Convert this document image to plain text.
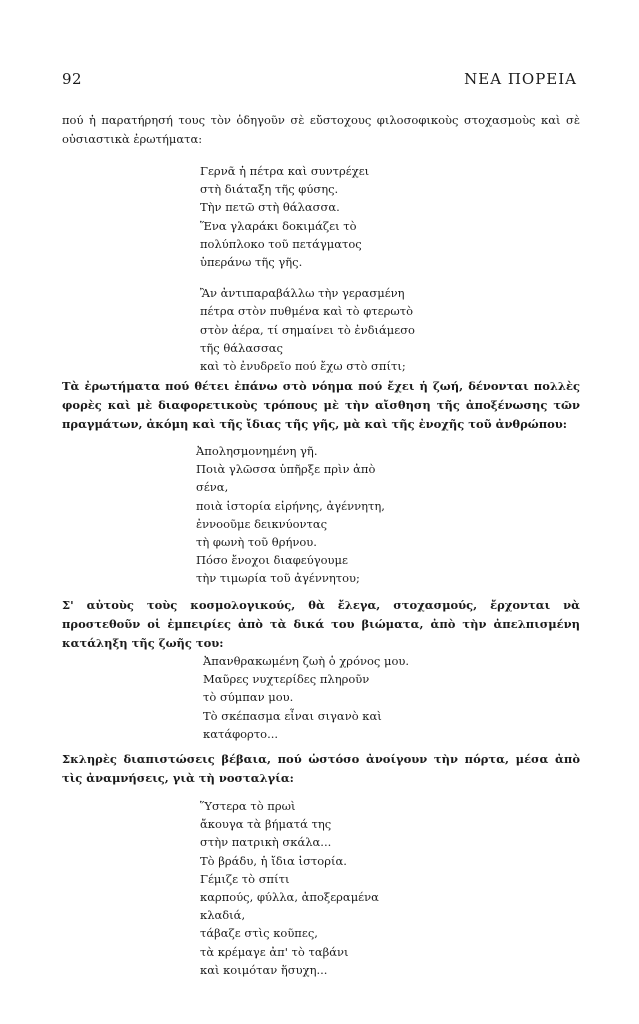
92	ΝΕΑ ΠΟΡΕΙΑ

πού ἡ παρατήρησή τους τὸν ὁδηγοῦν σὲ εὔστοχους φιλοσοφικοὺς στοχασμοὺς καὶ σὲ οὐσιαστικὰ ἐρωτήματα:

Γερνᾶ ἡ πέτρα καὶ συντρέχει
στὴ διάταξη τῆς φύσης.
Τὴν πετῶ στὴ θάλασσα.
Ἕνα γλαράκι δοκιμάζει τὸ
πολύπλοκο τοῦ πετάγματος
ὑπεράνω τῆς γῆς.
Ἂν ἀντιπαραβάλλω τὴν γερασμένη
πέτρα στὸν πυθμένα καὶ τὸ φτερωτὸ
στὸν ἀέρα, τί σημαίνει τὸ ἐνδιάμεσο
τῆς θάλασσας
καὶ τὸ ἐνυδρεῖο πού ἔχω στὸ σπίτι;

Τὰ ἐρωτήματα πού θέτει ἐπάνω στὸ νόημα πού ἔχει ἡ ζωή, δένονται πολλὲς φορὲς καὶ μὲ διαφορετικοὺς τρόπους μὲ τὴν αἴσθηση τῆς ἀποξένωσης τῶν πραγμάτων, ἀκόμη καὶ τῆς ἴδιας τῆς γῆς, μὰ καὶ τῆς ἐνοχῆς τοῦ ἀνθρώπου:

Ἀπολησμονημένη γῆ.
Ποιὰ γλῶσσα ὑπῆρξε πρὶν ἀπὸ
σένα,
ποιὰ ἱστορία εἰρήνης, ἀγέννητη,
ἐννοοῦμε δεικνύοντας
τὴ φωνὴ τοῦ θρήνου.
Πόσο ἔνοχοι διαφεύγουμε
τὴν τιμωρία τοῦ ἀγέννητου;

Σ' αὐτοὺς τοὺς κοσμολογικούς, θὰ ἔλεγα, στοχασμούς, ἔρχονται νὰ προστεθοῦν οἱ ἐμπειρίες ἀπὸ τὰ δικά του βιώματα, ἀπὸ τὴν ἀπελπισμένη κατάληξη τῆς ζωῆς του:

Ἀπανθρακωμένη ζωὴ ὁ χρόνος μου.
Μαῦρες νυχτερίδες πληροῦν
τὸ σύμπαν μου.
Τὸ σκέπασμα εἶναι σιγανὸ καὶ
κατάφορτο...

Σκληρὲς διαπιστώσεις βέβαια, πού ὡστόσο ἀνοίγουν τὴν πόρτα, μέσα ἀπὸ τὶς ἀναμνήσεις, γιὰ τὴ νοσταλγία:

Ὕστερα τὸ πρωὶ
ἄκουγα τὰ βήματά της
στὴν πατρικὴ σκάλα...
Τὸ βράδυ, ἡ ἴδια ἱστορία.
Γέμιζε τὸ σπίτι
καρπούς, φύλλα, ἀποξεραμένα
κλαδιά,
τάβαζε στὶς κοῦπες,
τὰ κρέμαγε ἀπ' τὸ ταβάνι
καὶ κοιμόταν ἥσυχη...
